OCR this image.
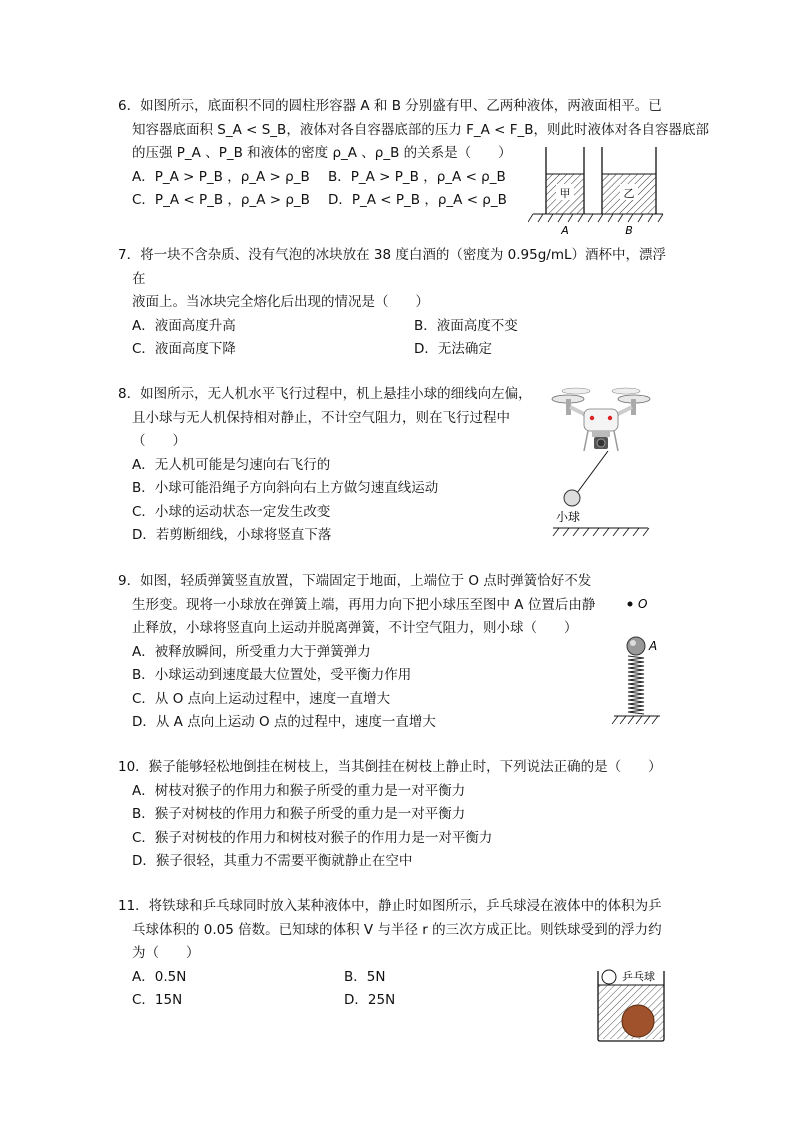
6．如图所示，底面积不同的圆柱形容器 A 和 B 分别盛有甲、乙两种液体，两液面相平。已
知容器底面积 S_A < S_B，液体对各自容器底部的压力 F_A < F_B，则此时液体对各自容器底部
的压强 P_A 、P_B 和液体的密度 ρ_A 、ρ_B 的关系是（　　）
A．P_A > P_B ，ρ_A > ρ_B B．P_A > P_B ，ρ_A < ρ_B
C．P_A < P_B ，ρ_A > ρ_B D．P_A < P_B ，ρ_A < ρ_B	甲	乙
A	B
7．将一块不含杂质、没有气泡的冰块放在 38 度白酒的（密度为 0.95g/mL）酒杯中，漂浮
在
液面上。当冰块完全熔化后出现的情况是（　　）
A．液面高度升高	B．液面高度不变
C．液面高度下降	D．无法确定
8．如图所示，无人机水平飞行过程中，机上悬挂小球的细线向左偏，
且小球与无人机保持相对静止，不计空气阻力，则在飞行过程中
（　　）
A．无人机可能是匀速向右飞行的
B．小球可能沿绳子方向斜向右上方做匀速直线运动
C．小球的运动状态一定发生改变
D．若剪断细线，小球将竖直下落
小球
9．如图，轻质弹簧竖直放置，下端固定于地面，上端位于 O 点时弹簧恰好不发
生形变。现将一小球放在弹簧上端，再用力向下把小球压至图中 A 位置后由静
止释放，小球将竖直向上运动并脱离弹簧，不计空气阻力，则小球（　　）
A．被释放瞬间，所受重力大于弹簧弹力
B．小球运动到速度最大位置处，受平衡力作用
C．从 O 点向上运动过程中，速度一直增大
D．从 A 点向上运动 O 点的过程中，速度一直增大
O
A
10．猴子能够轻松地倒挂在树枝上，当其倒挂在树枝上静止时，下列说法正确的是（　　）
A．树枝对猴子的作用力和猴子所受的重力是一对平衡力
B．猴子对树枝的作用力和猴子所受的重力是一对平衡力
C．猴子对树枝的作用力和树枝对猴子的作用力是一对平衡力
D．猴子很轻，其重力不需要平衡就静止在空中
11．将铁球和乒乓球同时放入某种液体中，静止时如图所示，乒乓球浸在液体中的体积为乒
乓球体积的 0.05 倍数。已知球的体积 V 与半径 r 的三次方成正比。则铁球受到的浮力约
为（　　）
A．0.5N	B．5N
C．15N	D．25N
乒乓球
